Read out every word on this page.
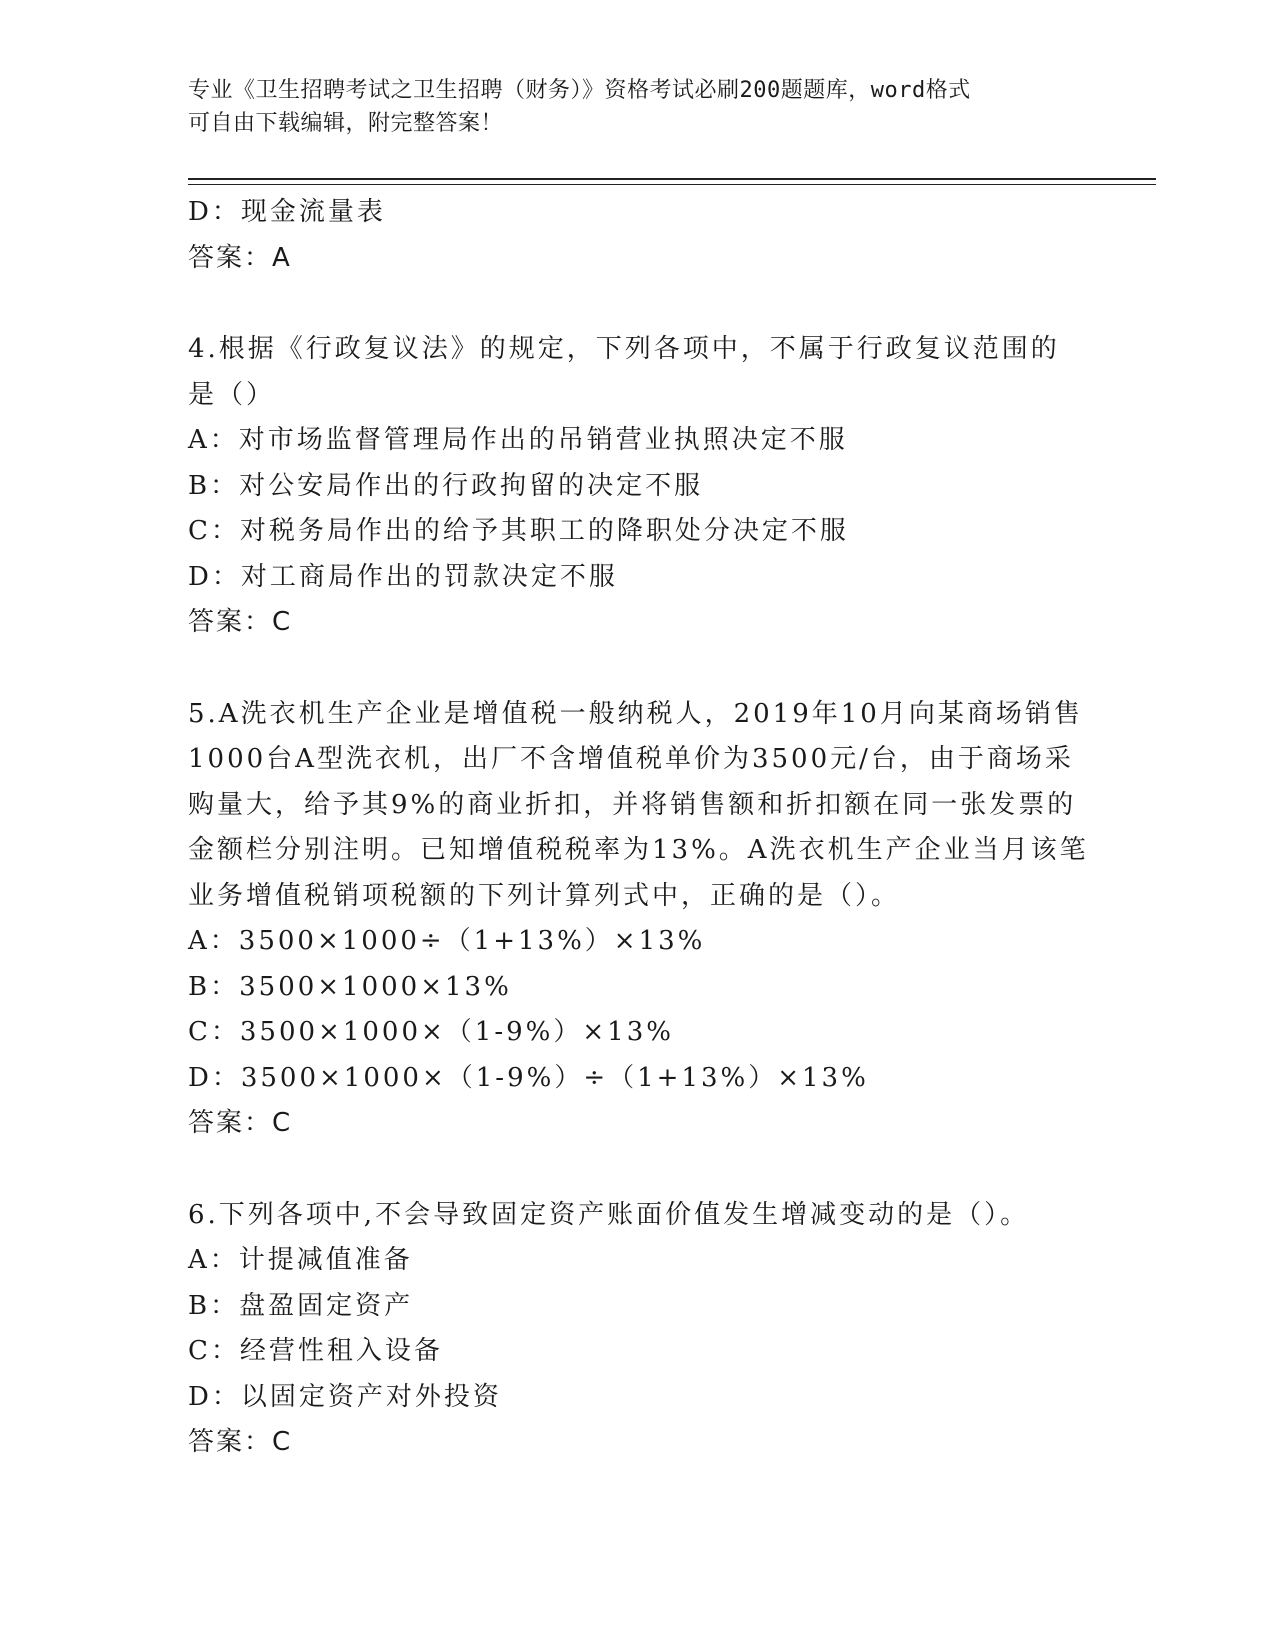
专业《卫生招聘考试之卫生招聘（财务）》资格考试必刷200题题库，word格式
可自由下载编辑，附完整答案！
D：现金流量表
答案：A
4.根据《行政复议法》的规定，下列各项中，不属于行政复议范围的
是（）
A：对市场监督管理局作出的吊销营业执照决定不服
B：对公安局作出的行政拘留的决定不服
C：对税务局作出的给予其职工的降职处分决定不服
D：对工商局作出的罚款决定不服
答案：C
5.A洗衣机生产企业是增值税一般纳税人，2019年10月向某商场销售
1000台A型洗衣机，出厂不含增值税单价为3500元/台，由于商场采
购量大，给予其9%的商业折扣，并将销售额和折扣额在同一张发票的
金额栏分别注明。已知增值税税率为13%。A洗衣机生产企业当月该笔
业务增值税销项税额的下列计算列式中，正确的是（）。
A：3500×1000÷（1+13%）×13%
B：3500×1000×13%
C：3500×1000×（1-9%）×13%
D：3500×1000×（1-9%）÷（1+13%）×13%
答案：C
6.下列各项中,不会导致固定资产账面价值发生增减变动的是（）。
A：计提减值准备
B：盘盈固定资产
C：经营性租入设备
D：以固定资产对外投资
答案：C
